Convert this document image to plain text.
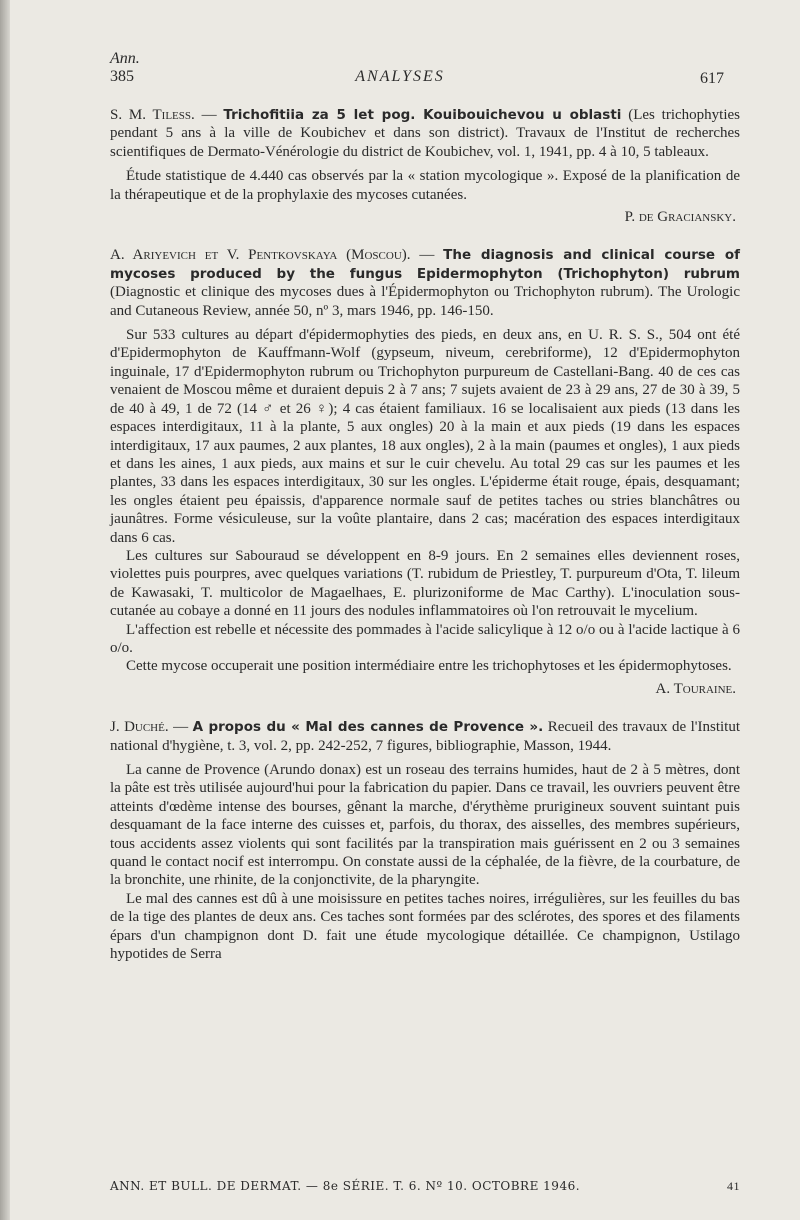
Ann.
385	ANALYSES	617

S. M. Tiless. — Trichofitiia za 5 let pog. Kouibouichevou u oblasti (Les trichophyties pendant 5 ans à la ville de Koubichev et dans son district). Travaux de l'Institut de recherches scientifiques de Dermato-Vénérologie du district de Koubichev, vol. 1, 1941, pp. 4 à 10, 5 tableaux.

Étude statistique de 4.440 cas observés par la « station mycologique ». Exposé de la planification de la thérapeutique et de la prophylaxie des mycoses cutanées.

P. de Graciansky.

A. Ariyevich et V. Pentkovskaya (Moscou). — The diagnosis and clinical course of mycoses produced by the fungus Epidermophyton (Trichophyton) rubrum (Diagnostic et clinique des mycoses dues à l'Épidermophyton ou Trichophyton rubrum). The Urologic and Cutaneous Review, année 50, nº 3, mars 1946, pp. 146-150.

Sur 533 cultures au départ d'épidermophyties des pieds, en deux ans, en U. R. S. S., 504 ont été d'Epidermophyton de Kauffmann-Wolf (gypseum, niveum, cerebriforme), 12 d'Epidermophyton inguinale, 17 d'Epidermophyton rubrum ou Trichophyton purpureum de Castellani-Bang. 40 de ces cas venaient de Moscou même et duraient depuis 2 à 7 ans; 7 sujets avaient de 23 à 29 ans, 27 de 30 à 39, 5 de 40 à 49, 1 de 72 (14 ♂ et 26 ♀); 4 cas étaient familiaux. 16 se localisaient aux pieds (13 dans les espaces interdigitaux, 11 à la plante, 5 aux ongles) 20 à la main et aux pieds (19 dans les espaces interdigitaux, 17 aux paumes, 2 aux plantes, 18 aux ongles), 2 à la main (paumes et ongles), 1 aux pieds et dans les aines, 1 aux pieds, aux mains et sur le cuir chevelu. Au total 29 cas sur les paumes et les plantes, 33 dans les espaces interdigitaux, 30 sur les ongles. L'épiderme était rouge, épais, desquamant; les ongles étaient peu épaissis, d'apparence normale sauf de petites taches ou stries blanchâtres ou jaunâtres. Forme vésiculeuse, sur la voûte plantaire, dans 2 cas; macération des espaces interdigitaux dans 6 cas.

Les cultures sur Sabouraud se développent en 8-9 jours. En 2 semaines elles deviennent roses, violettes puis pourpres, avec quelques variations (T. rubidum de Priestley, T. purpureum d'Ota, T. lileum de Kawasaki, T. multicolor de Magaelhaes, E. plurizoniforme de Mac Carthy). L'inoculation sous-cutanée au cobaye a donné en 11 jours des nodules inflammatoires où l'on retrouvait le mycelium.

L'affection est rebelle et nécessite des pommades à l'acide salicylique à 12 o/o ou à l'acide lactique à 6 o/o.

Cette mycose occuperait une position intermédiaire entre les trichophytoses et les épidermophytoses.

A. Touraine.

J. Duché. — A propos du « Mal des cannes de Provence ». Recueil des travaux de l'Institut national d'hygiène, t. 3, vol. 2, pp. 242-252, 7 figures, bibliographie, Masson, 1944.

La canne de Provence (Arundo donax) est un roseau des terrains humides, haut de 2 à 5 mètres, dont la pâte est très utilisée aujourd'hui pour la fabrication du papier. Dans ce travail, les ouvriers peuvent être atteints d'œdème intense des bourses, gênant la marche, d'érythème prurigineux souvent suintant puis desquamant de la face interne des cuisses et, parfois, du thorax, des aisselles, des membres supérieurs, tous accidents assez violents qui sont facilités par la transpiration mais guérissent en 2 ou 3 semaines quand le contact nocif est interrompu. On constate aussi de la céphalée, de la fièvre, de la courbature, de la bronchite, une rhinite, de la conjonctivite, de la pharyngite.

Le mal des cannes est dû à une moisissure en petites taches noires, irrégulières, sur les feuilles du bas de la tige des plantes de deux ans. Ces taches sont formées par des sclérotes, des spores et des filaments épars d'un champignon dont D. fait une étude mycologique détaillée. Ce champignon, Ustilago hypotides de Serra

ANN. ET BULL. DE DERMAT. — 8e SÉRIE. T. 6. Nº 10. OCTOBRE 1946.	41
